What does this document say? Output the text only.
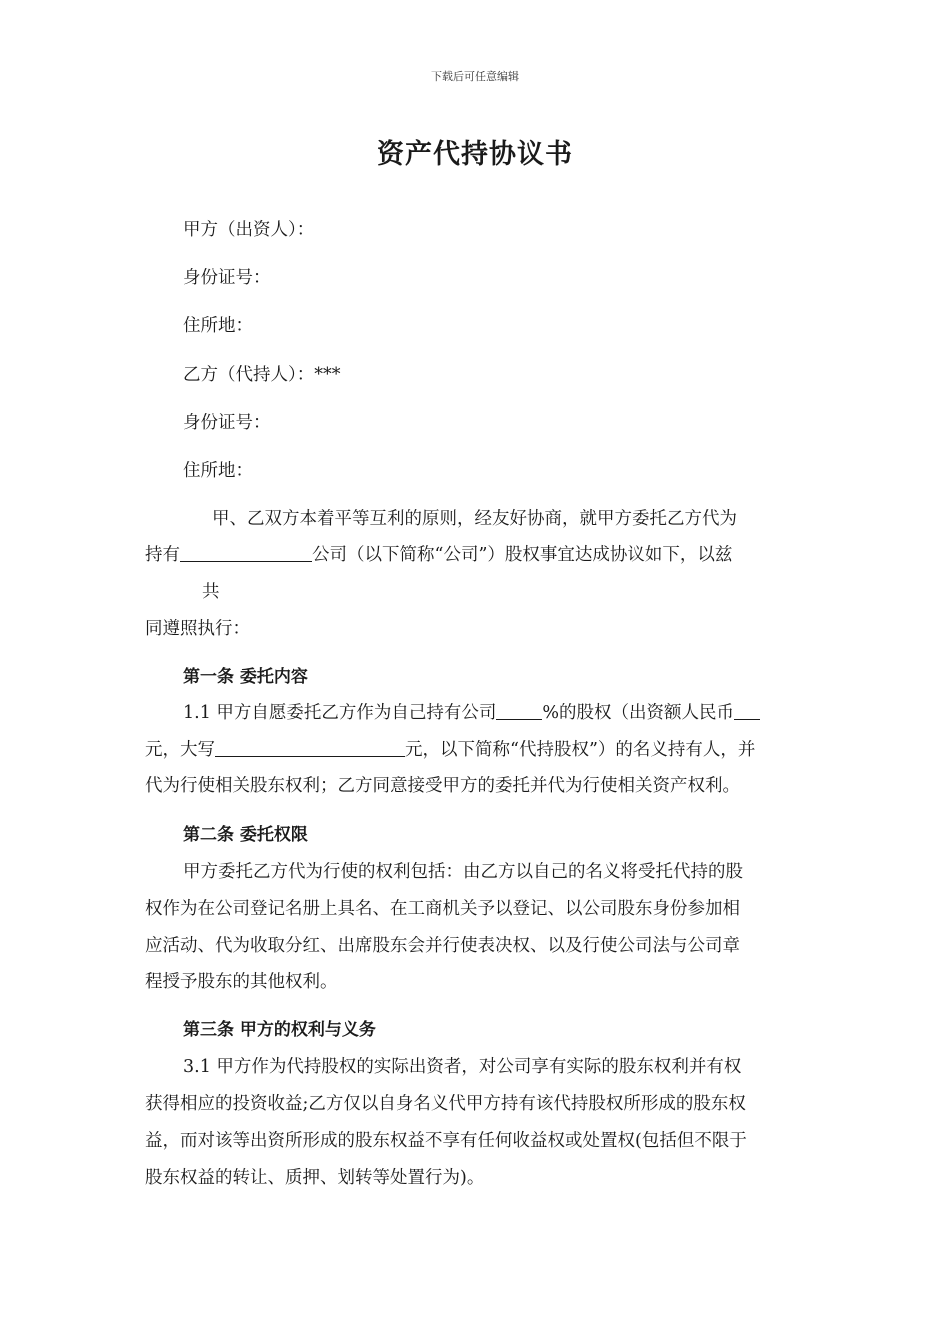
下载后可任意编辑
资产代持协议书
甲方（出资人）：
身份证号：
住所地：
乙方（代持人）：***
身份证号：
住所地：
甲、乙双方本着平等互利的原则，经友好协商，就甲方委托乙方代为
持有	公司（以下简称“公司”）股权事宜达成协议如下，以兹
共
同遵照执行：
第一条 委托内容
1.1 甲方自愿委托乙方作为自己持有公司	%的股权（出资额人民币
元，大写	元，以下简称“代持股权”）的名义持有人，并
代为行使相关股东权利；乙方同意接受甲方的委托并代为行使相关资产权利。
第二条 委托权限
甲方委托乙方代为行使的权利包括：由乙方以自己的名义将受托代持的股
权作为在公司登记名册上具名、在工商机关予以登记、以公司股东身份参加相
应活动、代为收取分红、出席股东会并行使表决权、以及行使公司法与公司章
程授予股东的其他权利。
第三条 甲方的权利与义务
3.1 甲方作为代持股权的实际出资者，对公司享有实际的股东权利并有权
获得相应的投资收益;乙方仅以自身名义代甲方持有该代持股权所形成的股东权
益，而对该等出资所形成的股东权益不享有任何收益权或处置权(包括但不限于
股东权益的转让、质押、划转等处置行为)。
